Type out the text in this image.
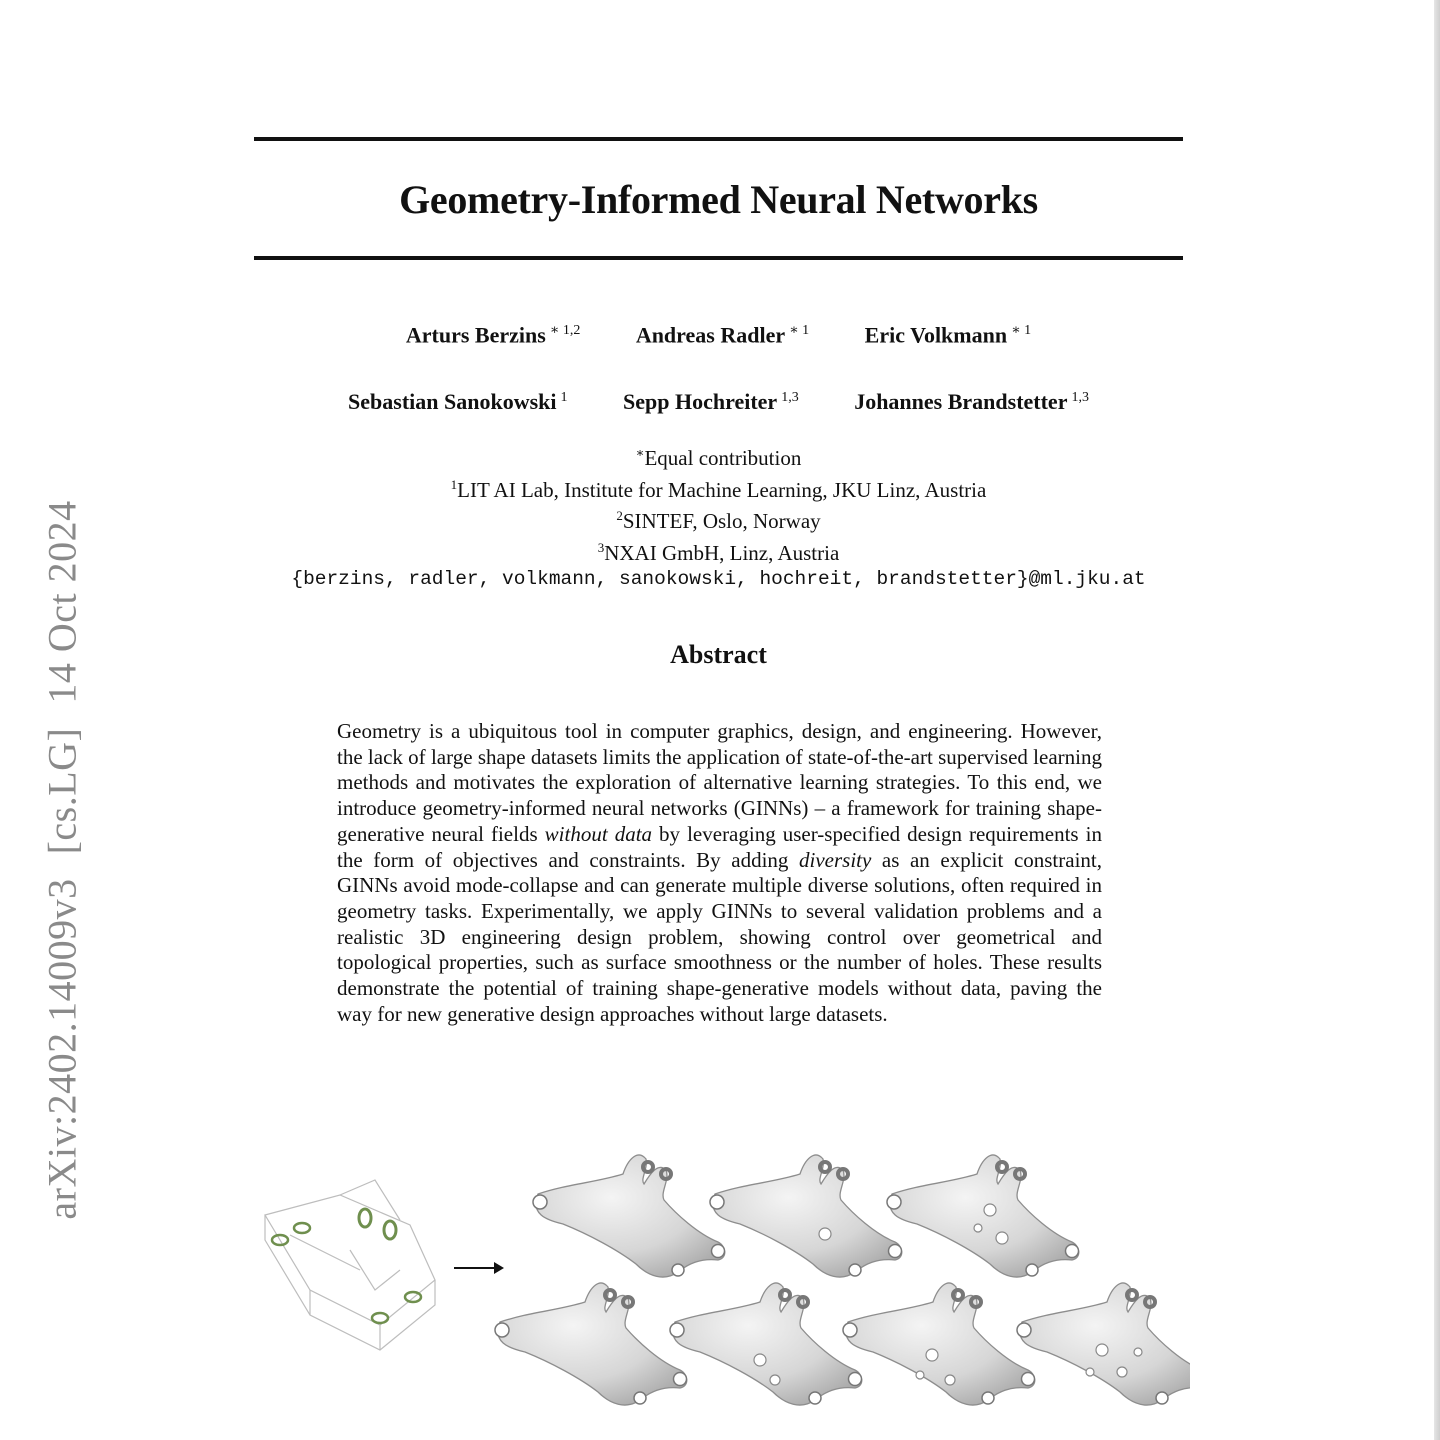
arXiv:2402.14009v3[cs.LG]14 Oct 2024
Geometry-Informed Neural Networks
Arturs Berzins $^{∗ 1,2}$	Andreas Radler $^{∗ 1}$	Eric Volkmann $^{∗ 1}$
Sebastian Sanokowski $^1$	Sepp Hochreiter $^{1,3}$	Johannes Brandstetter $^{1,3}$
∗Equal contribution
$^1$LIT AI Lab, Institute for Machine Learning, JKU Linz, Austria
$^2$SINTEF, Oslo, Norway
$^3$NXAI GmbH, Linz, Austria
{berzins, radler, volkmann, sanokowski, hochreit, brandstetter}@ml.jku.at
Abstract
Geometry is a ubiquitous tool in computer graphics, design, and engineering. However, the lack of large shape datasets limits the application of state-of-the-art supervised learning methods and motivates the exploration of alternative learning strategies. To this end, we introduce geometry-informed neural networks (GINNs) – a framework for training shape-generative neural fields without data by leveraging user-specified design requirements in the form of objectives and constraints. By adding diversity as an explicit constraint, GINNs avoid mode-collapse and can generate multiple diverse solutions, often required in geometry tasks. Experimentally, we apply GINNs to several validation problems and a realistic 3D engineering design problem, showing control over geometrical and topological properties, such as surface smoothness or the number of holes. These results demonstrate the potential of training shape-generative models without data, paving the way for new generative design approaches without large datasets.
